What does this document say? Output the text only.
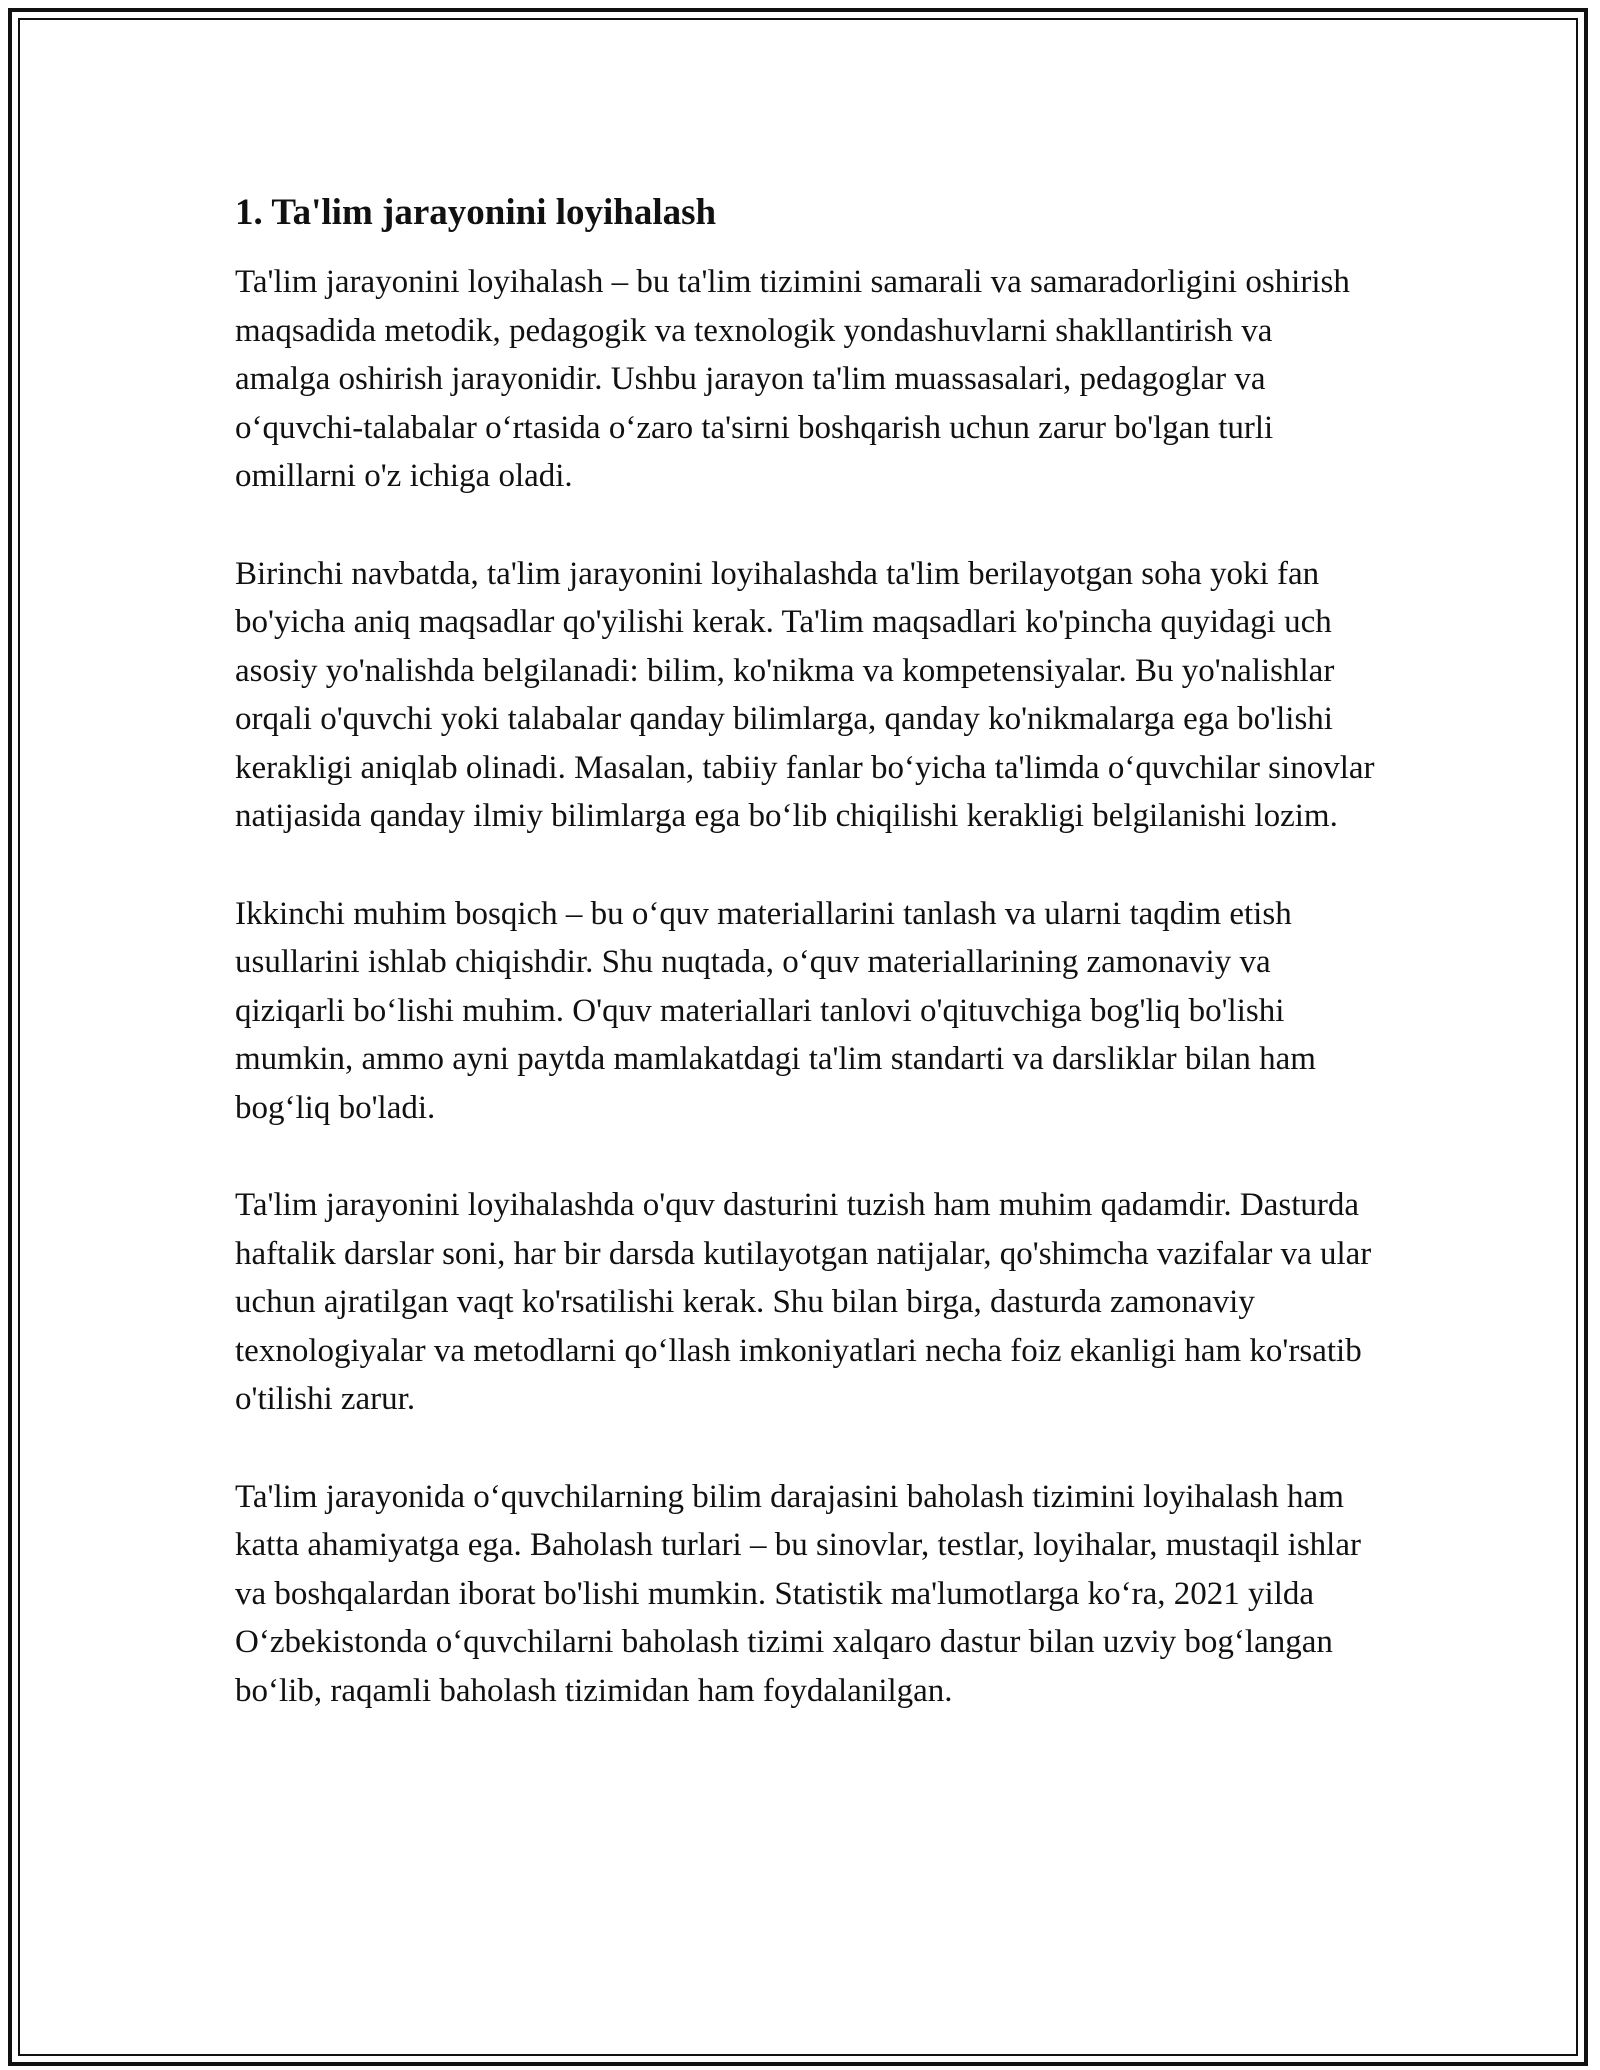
1. Ta'lim jarayonini loyihalash

Ta'lim jarayonini loyihalash – bu ta'lim tizimini samarali va samaradorligini oshirish maqsadida metodik, pedagogik va texnologik yondashuvlarni shakllantirish va amalga oshirish jarayonidir. Ushbu jarayon ta'lim muassasalari, pedagoglar va o‘quvchi-talabalar o‘rtasida o‘zaro ta'sirni boshqarish uchun zarur bo'lgan turli omillarni o'z ichiga oladi.

Birinchi navbatda, ta'lim jarayonini loyihalashda ta'lim berilayotgan soha yoki fan bo'yicha aniq maqsadlar qo'yilishi kerak. Ta'lim maqsadlari ko'pincha quyidagi uch asosiy yo'nalishda belgilanadi: bilim, ko'nikma va kompetensiyalar. Bu yo'nalishlar orqali o'quvchi yoki talabalar qanday bilimlarga, qanday ko'nikmalarga ega bo'lishi kerakligi aniqlab olinadi. Masalan, tabiiy fanlar bo‘yicha ta'limda o‘quvchilar sinovlar natijasida qanday ilmiy bilimlarga ega bo‘lib chiqilishi kerakligi belgilanishi lozim.

Ikkinchi muhim bosqich – bu o‘quv materiallarini tanlash va ularni taqdim etish usullarini ishlab chiqishdir. Shu nuqtada, o‘quv materiallarining zamonaviy va qiziqarli bo‘lishi muhim. O'quv materiallari tanlovi o'qituvchiga bog'liq bo'lishi mumkin, ammo ayni paytda mamlakatdagi ta'lim standarti va darsliklar bilan ham bog‘liq bo'ladi.

Ta'lim jarayonini loyihalashda o'quv dasturini tuzish ham muhim qadamdir. Dasturda haftalik darslar soni, har bir darsda kutilayotgan natijalar, qo'shimcha vazifalar va ular uchun ajratilgan vaqt ko'rsatilishi kerak. Shu bilan birga, dasturda zamonaviy texnologiyalar va metodlarni qo‘llash imkoniyatlari necha foiz ekanligi ham ko'rsatib o'tilishi zarur.

Ta'lim jarayonida o‘quvchilarning bilim darajasini baholash tizimini loyihalash ham katta ahamiyatga ega. Baholash turlari – bu sinovlar, testlar, loyihalar, mustaqil ishlar va boshqalardan iborat bo'lishi mumkin. Statistik ma'lumotlarga ko‘ra, 2021 yilda O‘zbekistonda o‘quvchilarni baholash tizimi xalqaro dastur bilan uzviy bog‘langan bo‘lib, raqamli baholash tizimidan ham foydalanilgan.
